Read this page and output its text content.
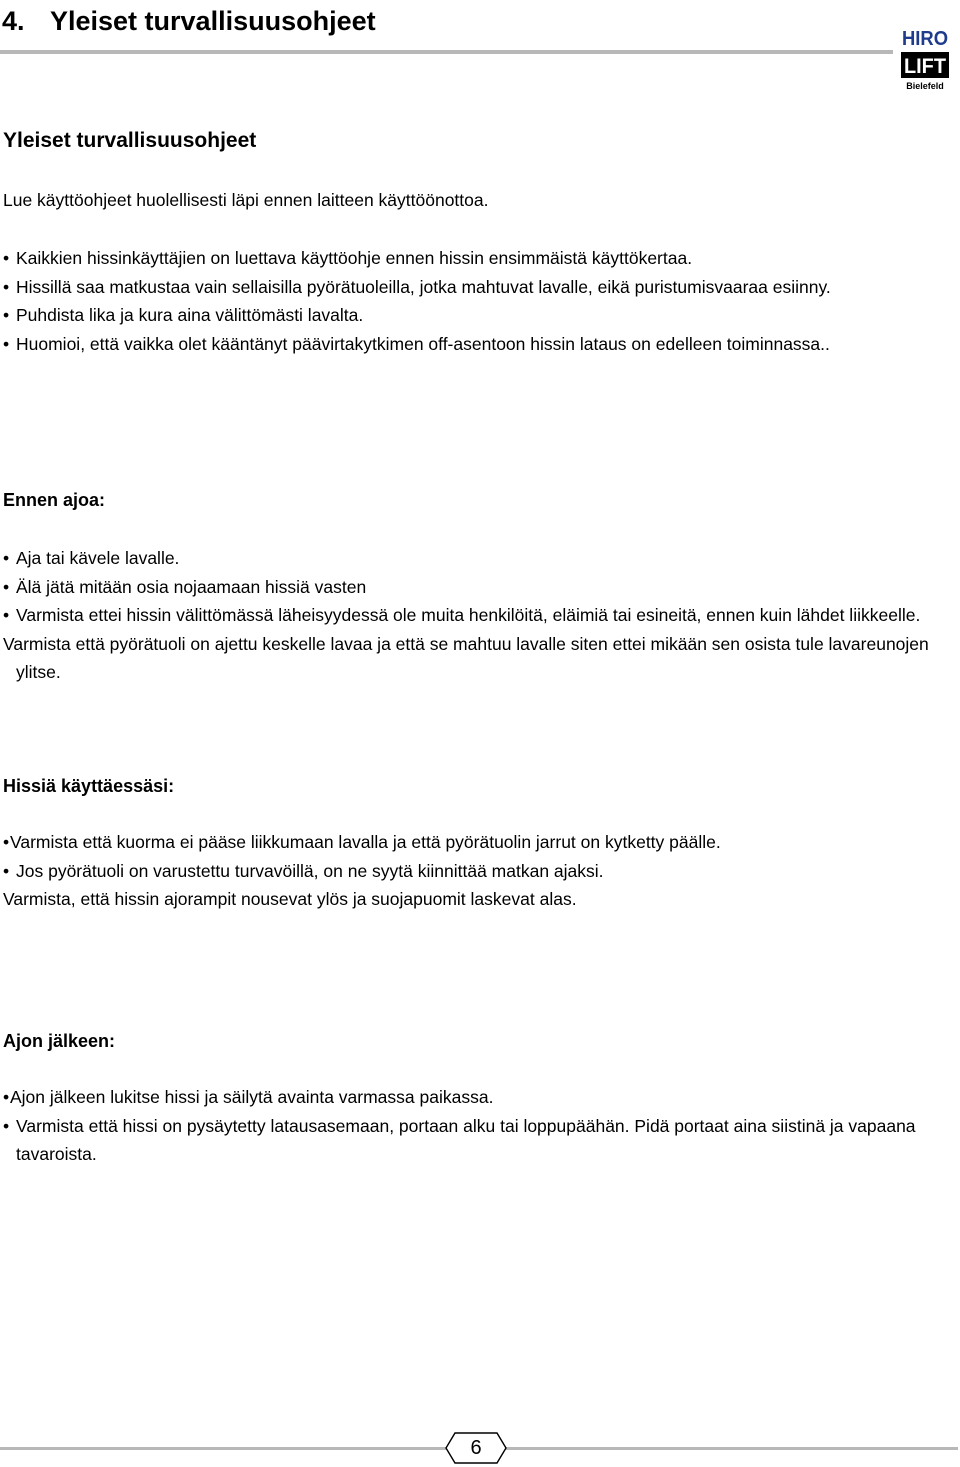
4. Yleiset turvallisuusohjeet
HIRO
LIFT
Bielefeld
Yleiset turvallisuusohjeet
Lue käyttöohjeet huolellisesti läpi ennen laitteen käyttöönottoa.
• Kaikkien hissinkäyttäjien on luettava käyttöohje ennen hissin ensimmäistä käyttökertaa.
• Hissillä saa matkustaa vain sellaisilla pyörätuoleilla, jotka mahtuvat lavalle, eikä puristumisvaaraa esiinny.
• Puhdista lika ja kura aina välittömästi lavalta.
• Huomioi, että vaikka olet kääntänyt päävirtakytkimen off-asentoon hissin lataus on edelleen toiminnassa..
Ennen ajoa:
• Aja tai kävele lavalle.
• Älä jätä mitään osia nojaamaan hissiä vasten
• Varmista ettei hissin välittömässä läheisyydessä ole muita henkilöitä, eläimiä tai esineitä, ennen kuin lähdet liikkeelle.
Varmista että pyörätuoli on ajettu keskelle lavaa ja että se mahtuu lavalle siten ettei mikään sen osista tule lavareunojen ylitse.
Hissiä käyttäessäsi:
• Varmista että kuorma ei pääse liikkumaan lavalla ja että pyörätuolin jarrut on kytketty päälle.
• Jos pyörätuoli on varustettu turvavöillä, on ne syytä kiinnittää matkan ajaksi.
Varmista, että hissin ajorampit nousevat ylös ja suojapuomit laskevat alas.
Ajon jälkeen:
• Ajon jälkeen lukitse hissi ja säilytä avainta varmassa paikassa.
• Varmista että hissi on pysäytetty latausasemaan, portaan alku tai loppupäähän. Pidä portaat aina siistinä ja vapaana tavaroista.
6
